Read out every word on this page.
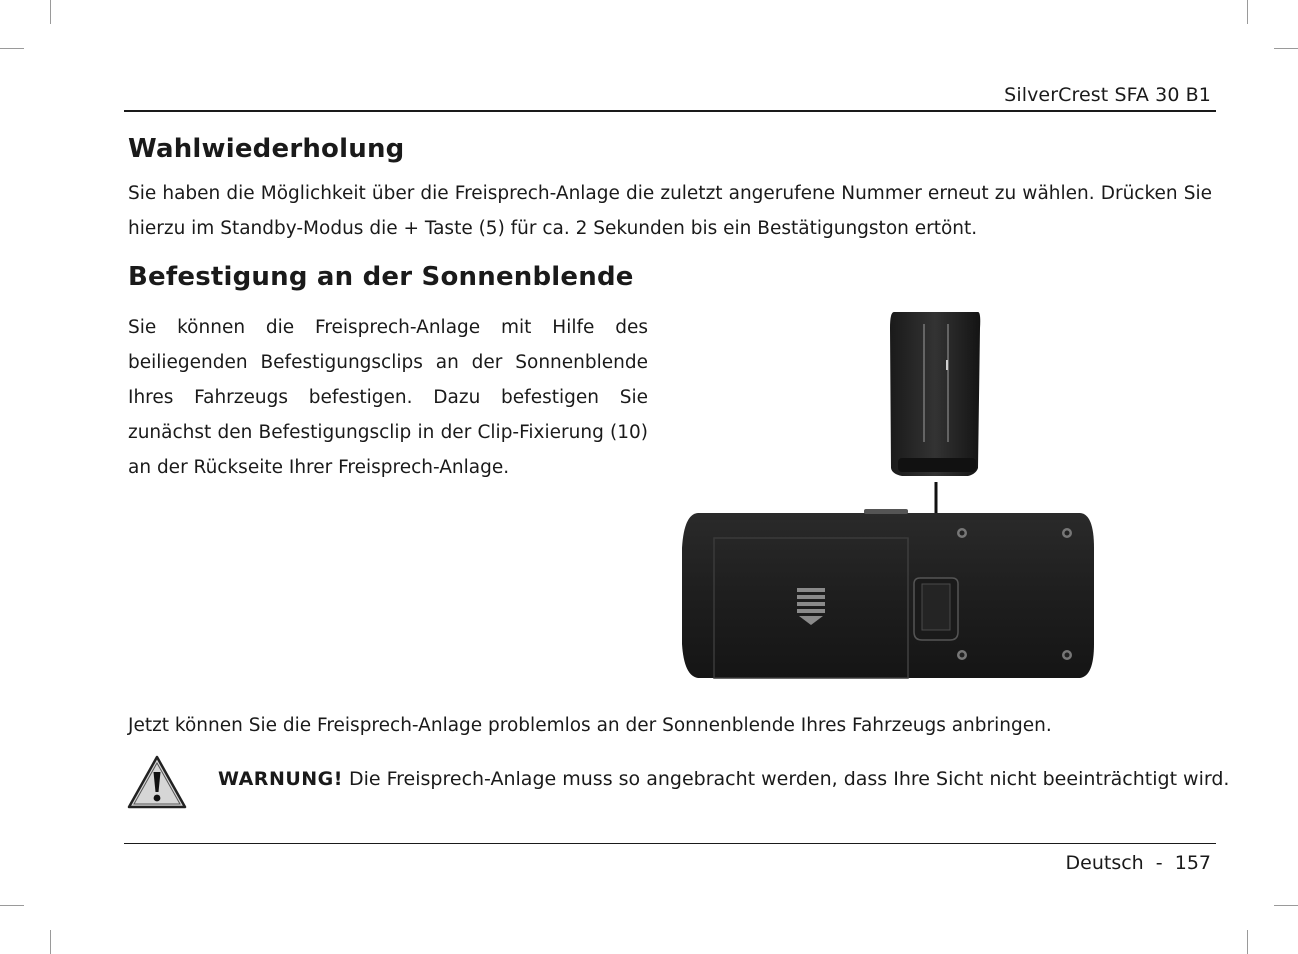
SilverCrest SFA 30 B1
Wahlwiederholung

Sie haben die Möglichkeit über die Freisprech-Anlage die zuletzt angerufene Nummer erneut zu wählen. Drücken Sie hierzu im Standby-Modus die + Taste (5) für ca. 2 Sekunden bis ein Bestätigungston ertönt.

Befestigung an der Sonnenblende

Sie können die Freisprech-Anlage mit Hilfe des beiliegenden Befestigungsclips an der Sonnenblende Ihres Fahrzeugs befestigen. Dazu befestigen Sie zunächst den Befestigungsclip in der Clip-Fixierung (10) an der Rückseite Ihrer Freisprech-Anlage.

Jetzt können Sie die Freisprech-Anlage problemlos an der Sonnenblende Ihres Fahrzeugs anbringen.

WARNUNG! Die Freisprech-Anlage muss so angebracht werden, dass Ihre Sicht nicht beeinträchtigt wird.
Deutsch  -  157
